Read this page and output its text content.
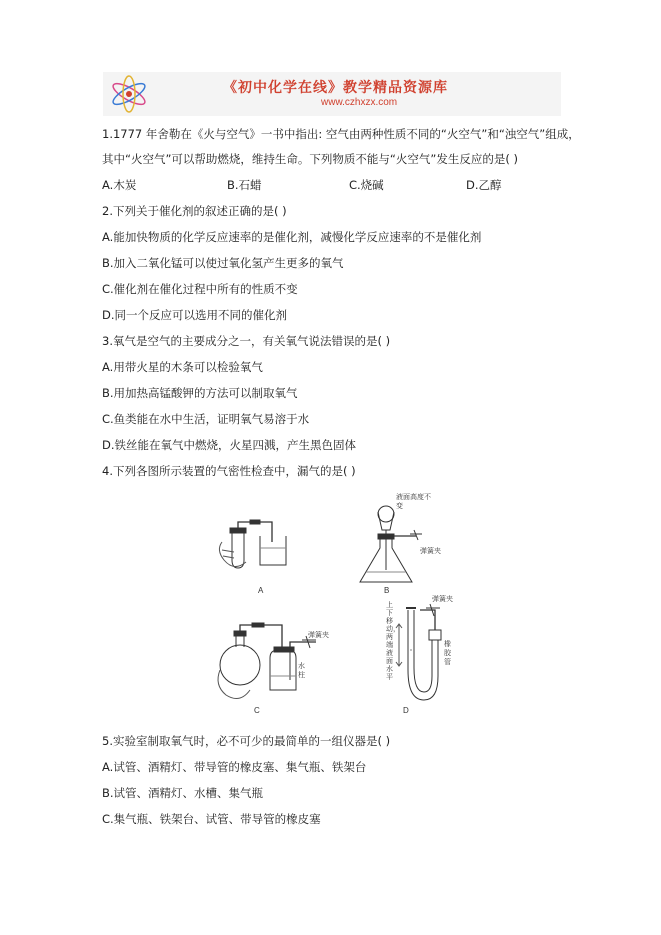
《初中化学在线》教学精品资源库
www.czhxzx.com
1.1777 年舍勒在《火与空气》一书中指出: 空气由两种性质不同的“火空气”和“浊空气”组成，
其中“火空气”可以帮助燃烧，维持生命。下列物质不能与“火空气”发生反应的是( )
A.木炭	B.石蜡	C.烧碱	D.乙醇
2.下列关于催化剂的叙述正确的是( )
A.能加快物质的化学反应速率的是催化剂，减慢化学反应速率的不是催化剂
B.加入二氧化锰可以使过氧化氢产生更多的氧气
C.催化剂在催化过程中所有的性质不变
D.同一个反应可以选用不同的催化剂
3.氧气是空气的主要成分之一，有关氧气说法错误的是( )
A.用带火星的木条可以检验氧气
B.用加热高锰酸钾的方法可以制取氧气
C.鱼类能在水中生活，证明氧气易溶于水
D.铁丝能在氧气中燃烧，火星四溅，产生黑色固体
4.下列各图所示装置的气密性检查中，漏气的是( )
A	B
C	D
液面高度不变
弹簧夹
弹簧夹
水柱
上下移动，两端液面水平
弹簧夹
橡胶管
5.实验室制取氧气时，必不可少的最简单的一组仪器是( )
A.试管、酒精灯、带导管的橡皮塞、集气瓶、铁架台
B.试管、酒精灯、水槽、集气瓶
C.集气瓶、铁架台、试管、带导管的橡皮塞
